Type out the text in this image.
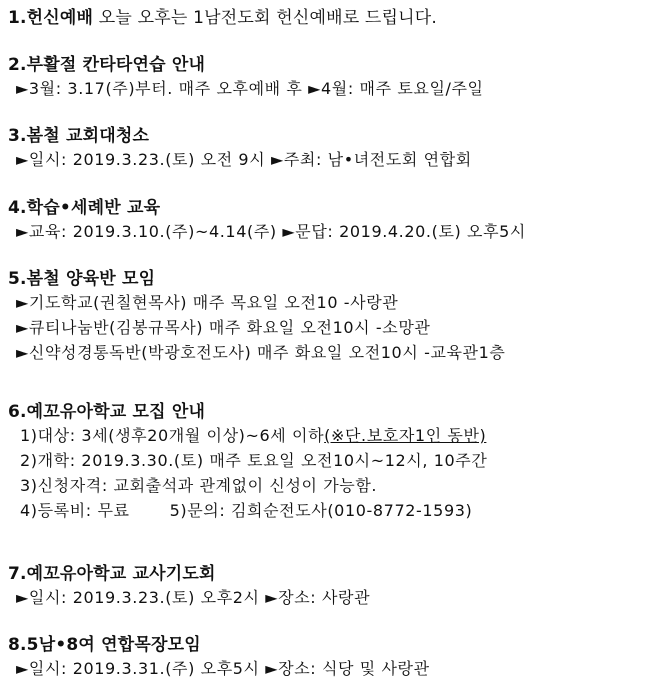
1.헌신예배 오늘 오후는 1남전도회 헌신예배로 드립니다.
2.부활절 칸타타연습 안내
►3월: 3.17(주)부터. 매주 오후예배 후 ►4월: 매주 토요일/주일
3.봄철 교회대청소
►일시: 2019.3.23.(토) 오전 9시 ►주최: 남•녀전도회 연합회
4.학습•세례반 교육
►교육: 2019.3.10.(주)~4.14(주) ►문답: 2019.4.20.(토) 오후5시
5.봄철 양육반 모임
►기도학교(권칠현목사) 매주 목요일 오전10 -사랑관
►큐티나눔반(김봉규목사) 매주 화요일 오전10시 -소망관
►신약성경통독반(박광호전도사) 매주 화요일 오전10시 -교육관1층
6.예꼬유아학교 모집 안내
1)대상: 3세(생후20개월 이상)~6세 이하(※단.보호자1인 동반)
2)개학: 2019.3.30.(토) 매주 토요일 오전10시~12시, 10주간
3)신청자격: 교회출석과 관계없이 신성이 가능함.
4)등록비: 무료	5)문의: 김희순전도사(010-8772-1593)
7.예꼬유아학교 교사기도회
►일시: 2019.3.23.(토) 오후2시 ►장소: 사랑관
8.5남•8여 연합목장모임
►일시: 2019.3.31.(주) 오후5시 ►장소: 식당 및 사랑관
